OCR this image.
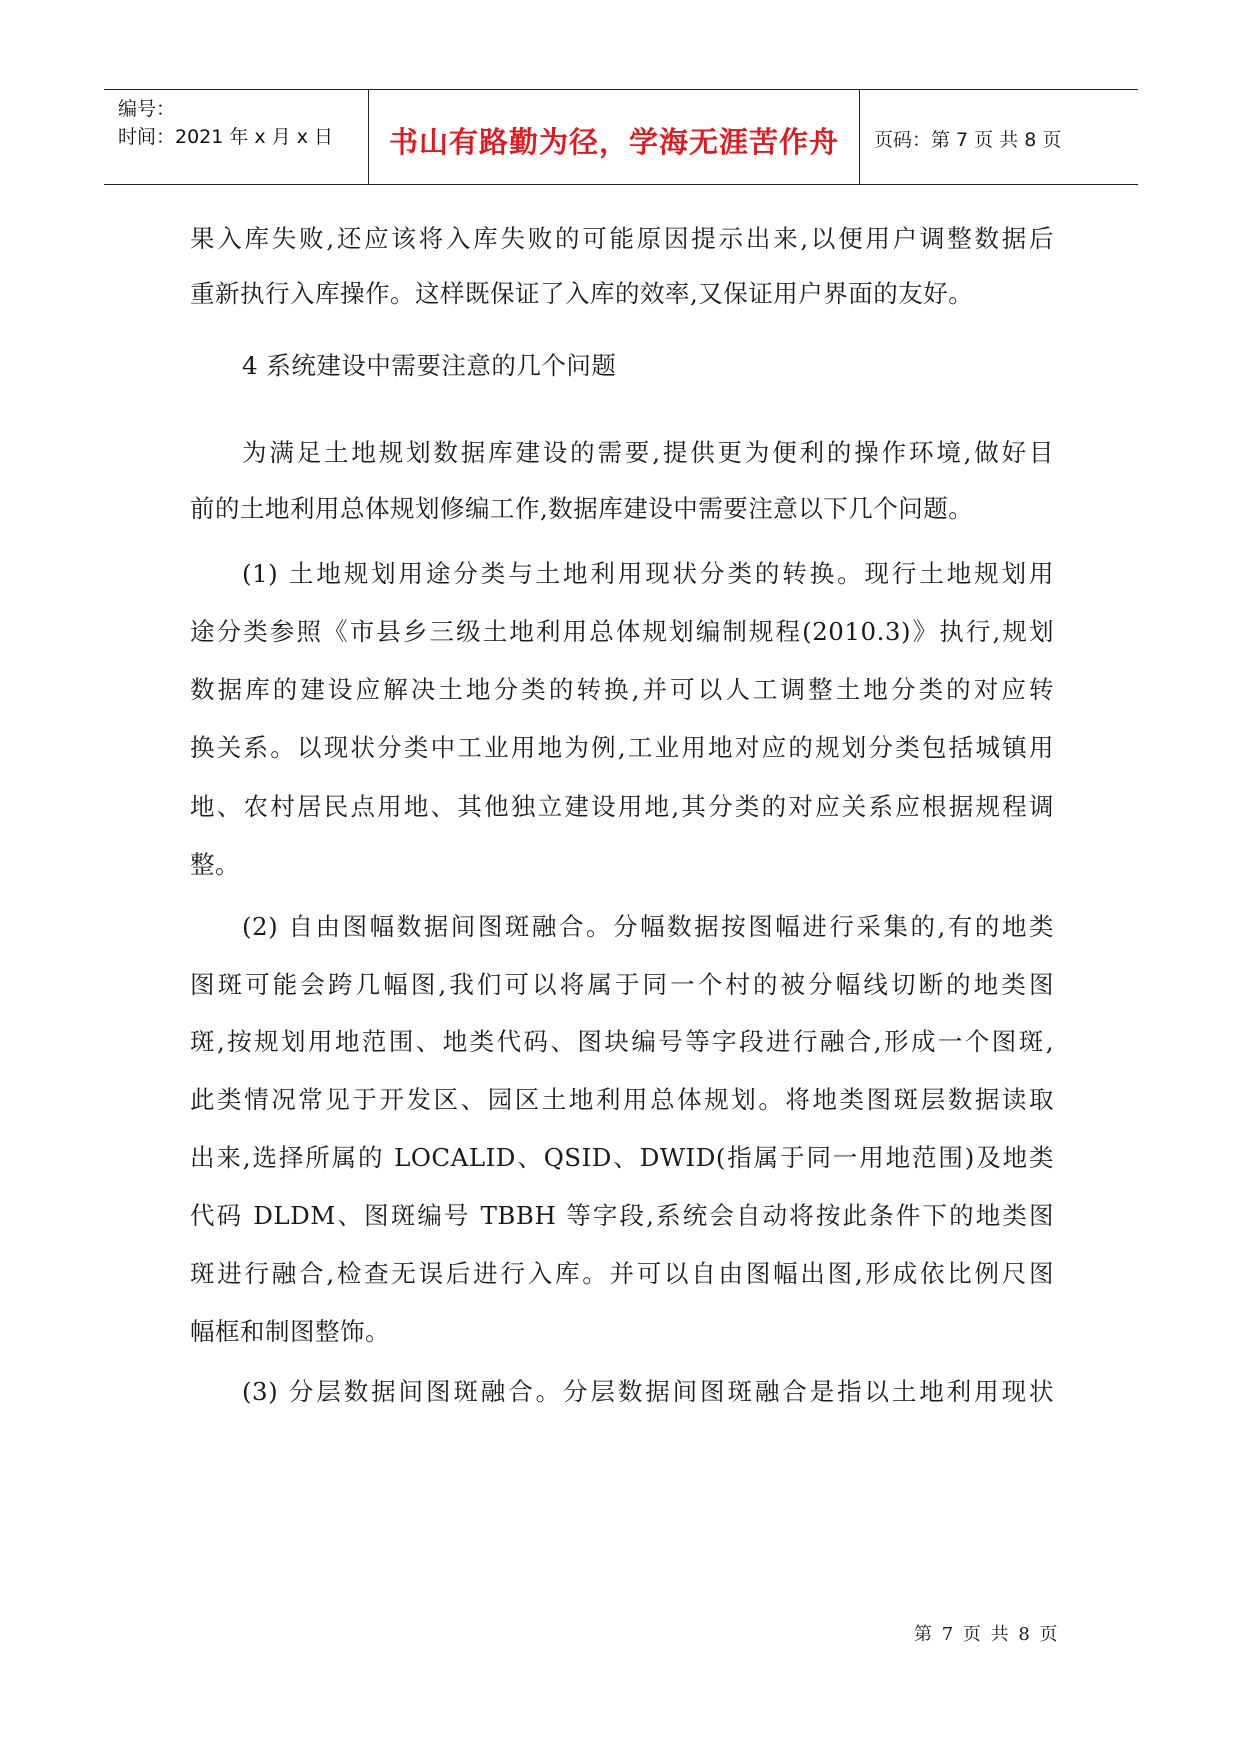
编号：
时间：2021 年 x 月 x 日	书山有路勤为径，学海无涯苦作舟	页码：第 7 页 共 8 页
果入库失败,还应该将入库失败的可能原因提示出来,以便用户调整数据后
重新执行入库操作。这样既保证了入库的效率,又保证用户界面的友好。
4 系统建设中需要注意的几个问题
为满足土地规划数据库建设的需要,提供更为便利的操作环境,做好目
前的土地利用总体规划修编工作,数据库建设中需要注意以下几个问题。
(1) 土地规划用途分类与土地利用现状分类的转换。现行土地规划用
途分类参照《市县乡三级土地利用总体规划编制规程(2010.3)》执行,规划
数据库的建设应解决土地分类的转换,并可以人工调整土地分类的对应转
换关系。以现状分类中工业用地为例,工业用地对应的规划分类包括城镇用
地、农村居民点用地、其他独立建设用地,其分类的对应关系应根据规程调
整。
(2) 自由图幅数据间图斑融合。分幅数据按图幅进行采集的,有的地类
图斑可能会跨几幅图,我们可以将属于同一个村的被分幅线切断的地类图
斑,按规划用地范围、地类代码、图块编号等字段进行融合,形成一个图斑,
此类情况常见于开发区、园区土地利用总体规划。将地类图斑层数据读取
出来,选择所属的 LOCALID、QSID、DWID(指属于同一用地范围)及地类
代码 DLDM、图斑编号 TBBH 等字段,系统会自动将按此条件下的地类图
斑进行融合,检查无误后进行入库。并可以自由图幅出图,形成依比例尺图
幅框和制图整饰。
(3) 分层数据间图斑融合。分层数据间图斑融合是指以土地利用现状
第 7 页 共 8 页
